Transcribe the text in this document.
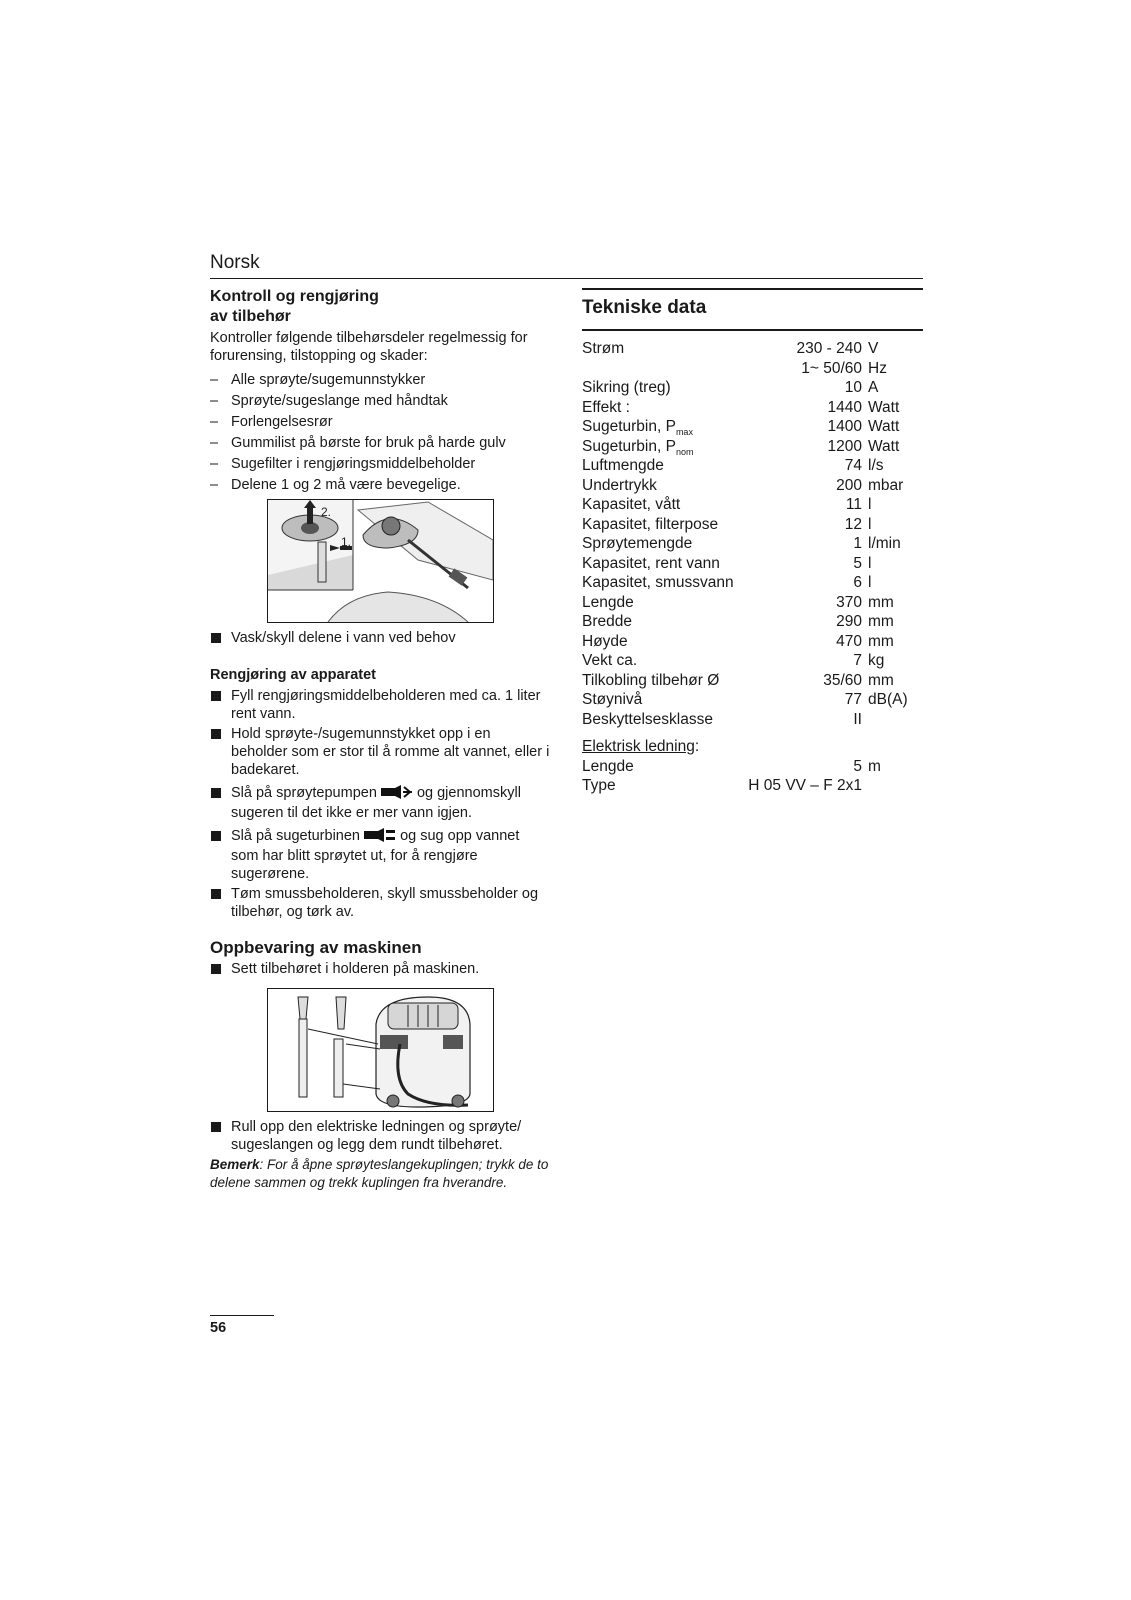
Norsk
Kontroll og rengjøring
av tilbehør

Kontroller følgende tilbehørsdeler regelmessig for forurensing, tilstopping og skader:

– Alle sprøyte/sugemunnstykker
– Sprøyte/sugeslange med håndtak
– Forlengelsesrør
– Gummilist på børste for bruk på harde gulv
– Sugefilter i rengjøringsmiddelbeholder
– Delene 1 og 2 må være bevegelige.
2.
1.
Vask/skyll delene i vann ved behov

Rengjøring av apparatet

Fyll rengjøringsmiddelbeholderen med ca. 1 liter rent vann.
Hold sprøyte-/sugemunnstykket opp i en beholder som er stor til å romme alt vannet, eller i badekaret.
Slå på sprøytepumpen	og gjennomskyll sugeren til det ikke er mer vann igjen.
Slå på sugeturbinen	og sug opp vannet som har blitt sprøytet ut, for å rengjøre sugerørene.
Tøm smussbeholderen, skyll smussbeholder og tilbehør, og tørk av.

Oppbevaring av maskinen

Sett tilbehøret i holderen på maskinen.
Rull opp den elektriske ledningen og sprøyte/ sugeslangen og legg dem rundt tilbehøret.

Bemerk: For å åpne sprøyteslangekuplingen; trykk de to delene sammen og trekk kuplingen fra hverandre.

Tekniske data
Strøm	230 - 240 V
1~ 50/60 Hz
Sikring (treg)	10 A
Effekt :	1440 Watt
Sugeturbin, $P_{max}$	1400 Watt
Sugeturbin, $P_{nom}$	1200 Watt
Luftmengde	74 l/s
Undertrykk	200 mbar
Kapasitet, vått	11 l
Kapasitet, filterpose	12 l
Sprøytemengde	1 l/min
Kapasitet, rent vann	5 l
Kapasitet, smussvann	6 l
Lengde	370 mm
Bredde	290 mm
Høyde	470 mm
Vekt ca.	7 kg
Tilkobling tilbehør Ø	35/60 mm
Støynivå	77 dB(A)
Beskyttelsesklasse	II
Elektrisk ledning:
Lengde	5 m
Type	H 05 VV – F 2x1
56
